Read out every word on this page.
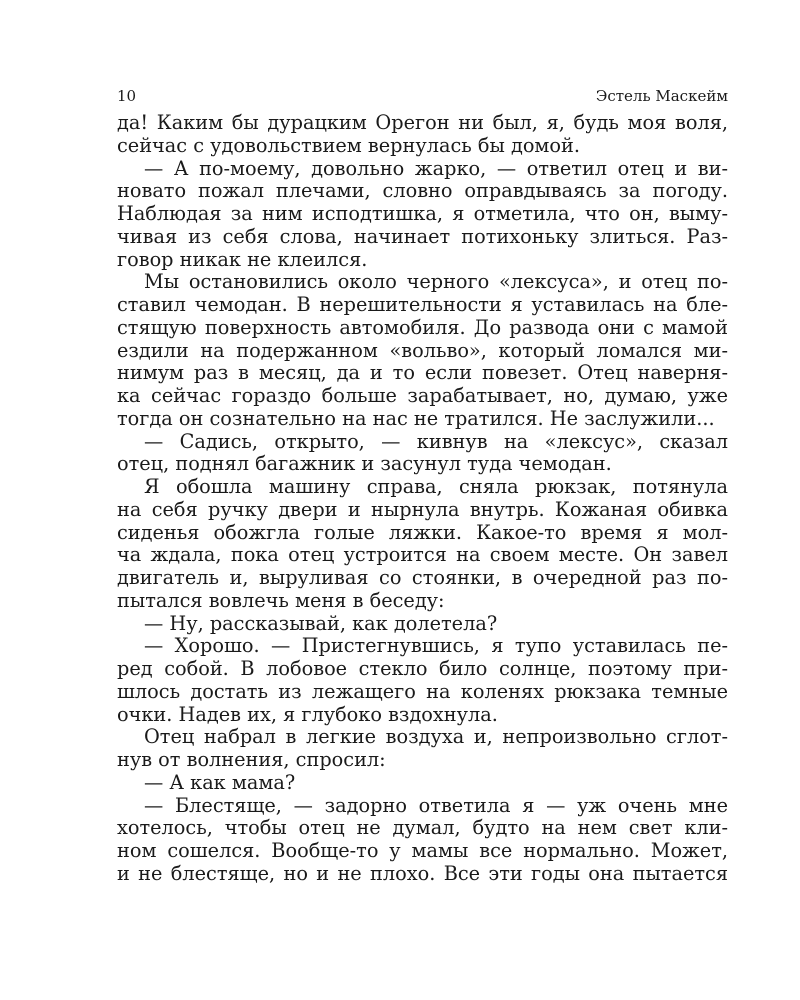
10	Эстель Маскейм
да! Каким бы дурацким Орегон ни был, я, будь моя воля,
сейчас с удовольствием вернулась бы домой.
— А по-моему, довольно жарко, — ответил отец и ви-
новато пожал плечами, словно оправдываясь за погоду.
Наблюдая за ним исподтишка, я отметила, что он, выму-
чивая из себя слова, начинает потихоньку злиться. Раз-
говор никак не клеился.
Мы остановились около черного «лексуса», и отец по-
ставил чемодан. В нерешительности я уставилась на бле-
стящую поверхность автомобиля. До развода они с мамой
ездили на подержанном «вольво», который ломался ми-
нимум раз в месяц, да и то если повезет. Отец наверня-
ка сейчас гораздо больше зарабатывает, но, думаю, уже
тогда он сознательно на нас не тратился. Не заслужили...
— Садись, открыто, — кивнув на «лексус», сказал
отец, поднял багажник и засунул туда чемодан.
Я обошла машину справа, сняла рюкзак, потянула
на себя ручку двери и нырнула внутрь. Кожаная обивка
сиденья обожгла голые ляжки. Какое-то время я мол-
ча ждала, пока отец устроится на своем месте. Он завел
двигатель и, выруливая со стоянки, в очередной раз по-
пытался вовлечь меня в беседу:
— Ну, рассказывай, как долетела?
— Хорошо. — Пристегнувшись, я тупо уставилась пе-
ред собой. В лобовое стекло било солнце, поэтому при-
шлось достать из лежащего на коленях рюкзака темные
очки. Надев их, я глубоко вздохнула.
Отец набрал в легкие воздуха и, непроизвольно сглот-
нув от волнения, спросил:
— А как мама?
— Блестяще, — задорно ответила я — уж очень мне
хотелось, чтобы отец не думал, будто на нем свет кли-
ном сошелся. Вообще-то у мамы все нормально. Может,
и не блестяще, но и не плохо. Все эти годы она пытается
